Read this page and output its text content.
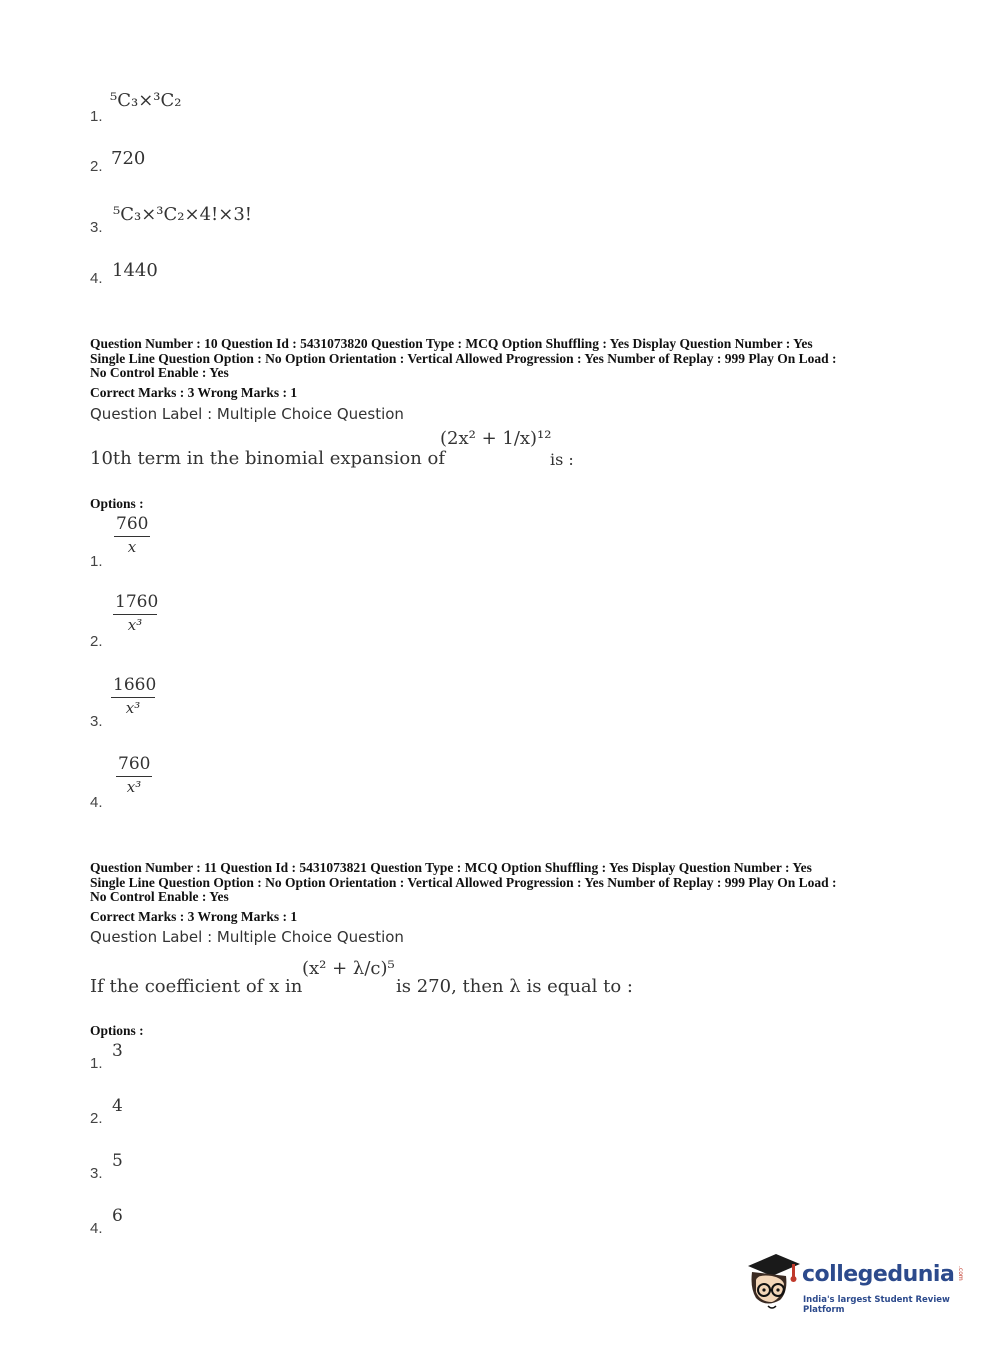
1.
⁵C₃×³C₂
2. 720
3.
⁵C₃×³C₂×4!×3!
4. 1440
Question Number : 10 Question Id : 5431073820 Question Type : MCQ Option Shuffling : Yes Display Question Number : Yes
Single Line Question Option : No Option Orientation : Vertical Allowed Progression : Yes Number of Replay : 999 Play On Load :
No Control Enable : Yes
Correct Marks : 3 Wrong Marks : 1
Question Label : Multiple Choice Question
10th term in the binomial expansion of
(2x² + 1/x)¹²
is :
Options :
1.
760
x
2.
1760
x³
3.
1660
x³
4.
760
x³
Question Number : 11 Question Id : 5431073821 Question Type : MCQ Option Shuffling : Yes Display Question Number : Yes
Single Line Question Option : No Option Orientation : Vertical Allowed Progression : Yes Number of Replay : 999 Play On Load :
No Control Enable : Yes
Correct Marks : 3 Wrong Marks : 1
Question Label : Multiple Choice Question
If the coefficient of x in
(x² + λ/c)⁵
is 270, then λ is equal to :
Options :
1.
3
2.
4
3.
5
4.
6
collegedunia .com
India's largest Student Review Platform
